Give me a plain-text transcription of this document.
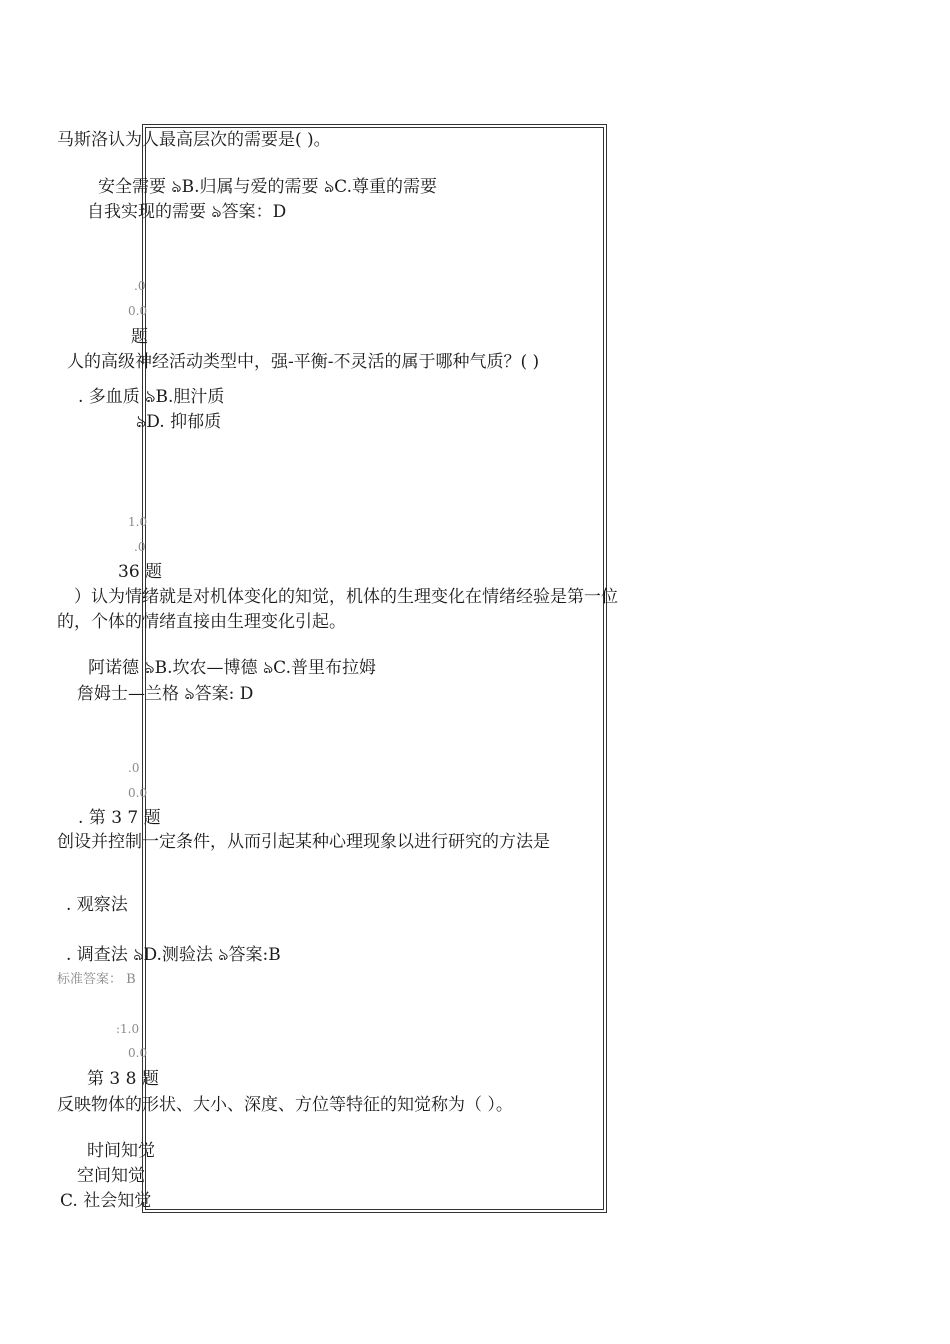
马斯洛认为人最高层次的需要是( )。
安全需要 ঌB.归属与爱的需要 ঌC.尊重的需要
自我实现的需要 ঌ答案：D
.0
0.0
题
人的高级神经活动类型中，强-平衡-不灵活的属于哪种气质？( )
. 多血质 ঌB.胆汁质
ঌD. 抑郁质
1.0
.0
36 题
）认为情绪就是对机体变化的知觉，机体的生理变化在情绪经验是第一位
的，个体的情绪直接由生理变化引起。
阿诺德 ঌB.坎农—博德 ঌC.普里布拉姆
詹姆士—兰格 ঌ答案: D
.0
0.0
. 第 3 7 题
创设并控制一定条件，从而引起某种心理现象以进行研究的方法是
. 观察法
. 调查法 ঌD.测验法 ঌ答案:B
标准答案： B
:1.0
0.0
第 3 8 题
反映物体的形状、大小、深度、方位等特征的知觉称为（ ）。
时间知觉
空间知觉
C. 社会知觉
